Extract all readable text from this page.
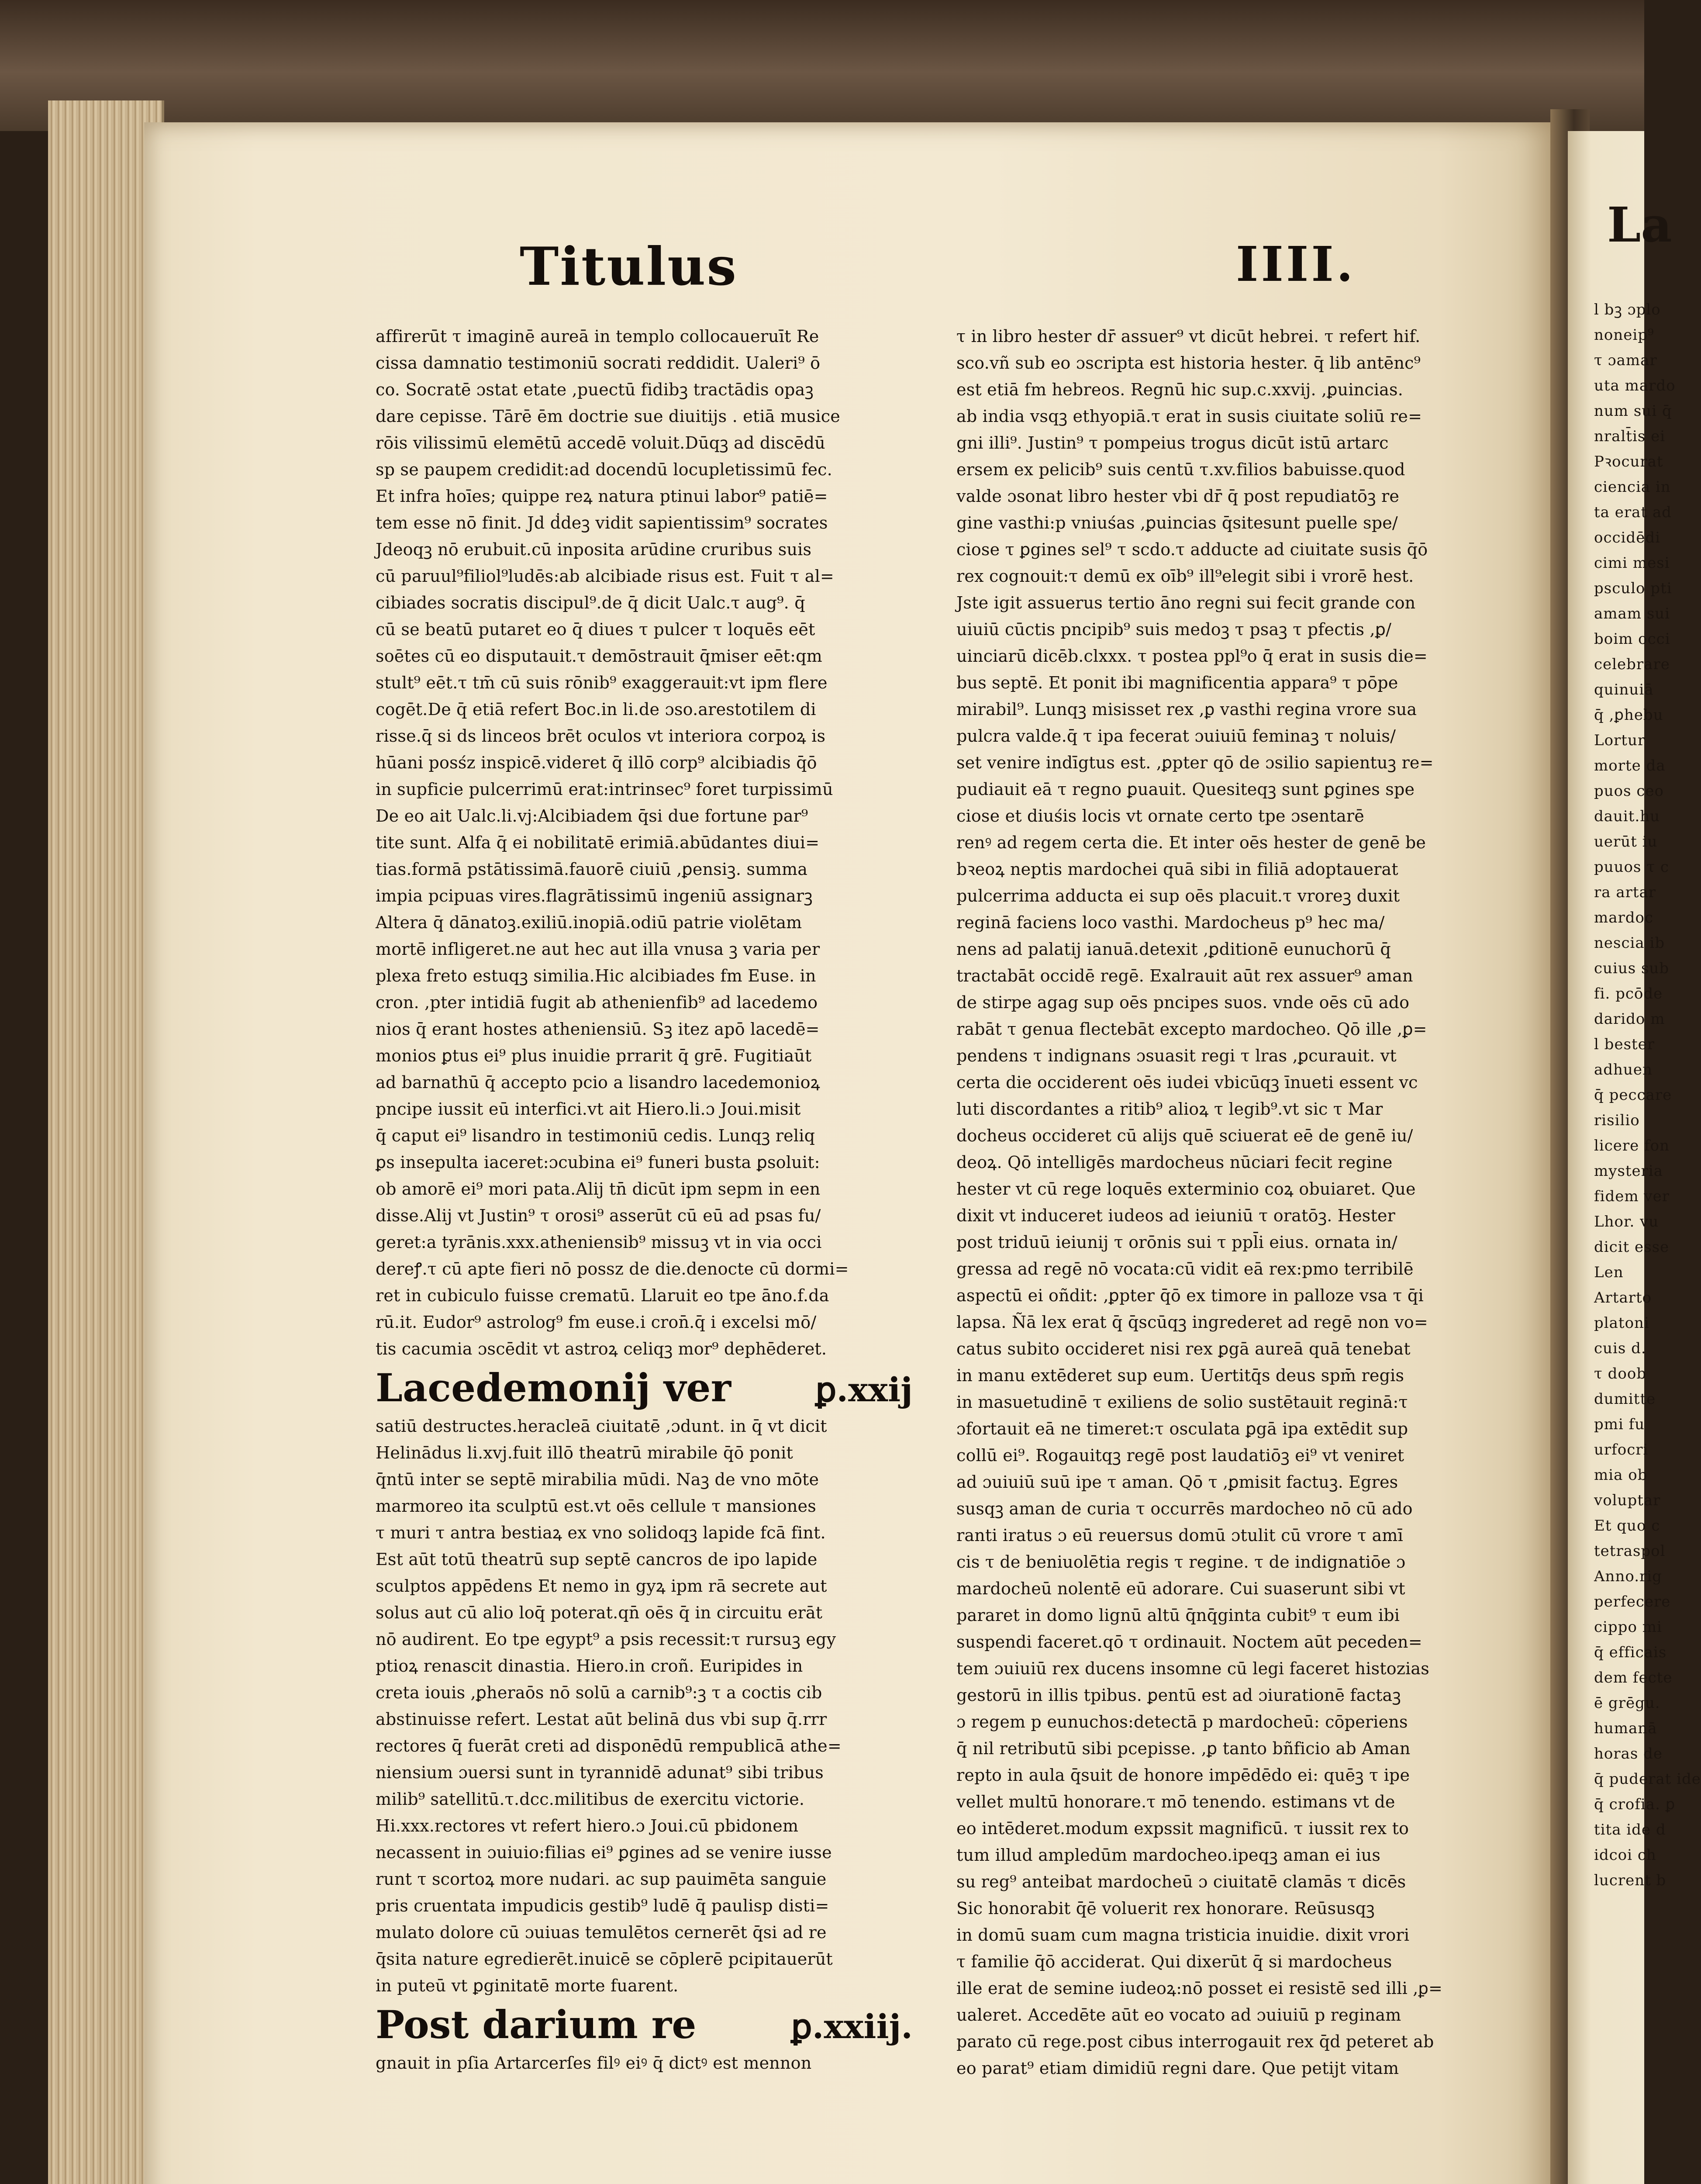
Titulus	IIII.
affirerūt τ imaginē aureā in templo collocaueruīt Re
cissa damnatio testimoniū socrati reddidit. Ualeri⁹ ō
co. Socratē ɔstat etate ,puectū fidibꝫ tractādis opaꝫ
dare cepisse. Tārē ēm doctrie sue diuitijs . etiā musice
rōis vilissimū elemētū accedē voluit.Dūqꝫ ad discēdū
sp se paupem credidit:ad docendū locupletissimū fec.
Et infra hoīes; quippe reꝝ natura ptinui labor⁹ patiē=
tem esse nō finit. Jd ḋdeꝫ vidit sapientissim⁹ socrates
Jdeoqꝫ nō erubuit.cū inposita arūdine cruribus suis
cū paruul⁹filiol⁹ludēs:ab alcibiade risus est. Fuit τ al=
cibiades socratis discipul⁹.de q̄ dicit Ualc.τ aug⁹. q̄
cū se beatū putaret eo q̄ diues τ pulcer τ loquēs eēt
soētes cū eo disputauit.τ demōstrauit q̄miser eēt:qm
stult⁹ eēt.τ tm̄ cū suis rōnib⁹ exaggerauit:vt ipm flere
cogēt.De q̄ etiā refert Boc.in li.de ɔso.arestotilem di
risse.q̄ si ds linceos brēt oculos vt interiora corpoꝝ is
hūani posśz inspicē.videret q̄ illō corp⁹ alcibiadis q̄ō
in supficie pulcerrimū erat:intrinsec⁹ foret turpissimū
De eo ait Ualc.li.vj:Alcibiadem q̄si due fortune par⁹
tite sunt. Alfa q̄ ei nobilitatē erimiā.abūdantes diui=
tias.formā pstātissimā.fauorē ciuiū ,ꝑensiꝫ. summa
impia pcipuas vires.flagrātissimū ingeniū assignarꝫ
Altera q̄ dānatoꝫ.exiliū.inopiā.odiū patrie violētam
mortē infligeret.ne aut hec aut illa vnusa ꝫ varia per
plexa freto estuqꝫ similia.Hic alcibiades fm Euse. in
cron. ,pter intidiā fugit ab athenienfib⁹ ad lacedemo
nios q̄ erant hostes atheniensiū. Sꝫ itez apō lacedē=
monios ꝑtus ei⁹ plus inuidie prrarit q̄ grē. Fugitiaūt
ad barnathū q̄ accepto pcio a lisandro lacedemonioꝝ
pncipe iussit eū interfici.vt ait Hiero.li.ɔ Joui.misit
q̄ caput ei⁹ lisandro in testimoniū cedis. Lunqꝫ reliq
ꝑs insepulta iaceret:ɔcubina ei⁹ funeri busta ꝑsoluit:
ob amorē ei⁹ mori pata.Alij tn̄ dicūt ipm sepm in een
disse.Alij vt Justin⁹ τ orosi⁹ asserūt cū eū ad psas fu/
geret:a tyrānis.xxx.atheniensib⁹ missuꝫ vt in via occi
dereꝭ.τ cū apte fieri nō possz de die.denocte cū dormi=
ret in cubiculo fuisse crematū. Llaruit eo tpe āno.f.da
rū.it. Eudor⁹ astrolog⁹ fm euse.i cron̄.q̄ i excelsi mō/
tis cacumia ɔscēdit vt astroꝝ celiqꝫ mor⁹ dephēderet.
Lacedemonij ver	ꝑ.xxij
satiū destructes.heracleā ciuitatē ,ɔdunt. in q̄ vt dicit
Helinādus li.xvj.fuit illō theatrū mirabile q̄ō ponit
q̄ntū inter se septē mirabilia mūdi. Naꝫ de vno mōte
marmoreo ita sculptū est.vt oēs cellule τ mansiones
τ muri τ antra bestiaꝝ ex vno solidoqꝫ lapide fcā fint.
Est aūt totū theatrū sup septē cancros de ipo lapide
sculptos appēdens Et nemo in gyꝝ ipm rā secrete aut
solus aut cū alio loq̄ poterat.qn̄ oēs q̄ in circuitu erāt
nō audirent. Eo tpe egypt⁹ a psis recessit:τ rursuꝫ egy
ptioꝝ renascit dinastia. Hiero.in croñ. Euripides in
creta iouis ,ꝑheraōs nō solū a carnib⁹:ꝫ τ a coctis cib
abstinuisse refert. Lestat aūt belinā dus vbi sup q̄.rrr
rectores q̄ fuerāt creti ad disponēdū rempublicā athe=
niensium ɔuersi sunt in tyrannidē adunat⁹ sibi tribus
milib⁹ satellitū.τ.dcc.militibus de exercitu victorie.
Hi.xxx.rectores vt refert hiero.ɔ Joui.cū pbidonem
necassent in ɔuiuio:filias ei⁹ ꝑgines ad se venire iusse
runt τ scortoꝝ more nudari. ac sup pauimēta sanguie
pris cruentata impudicis gestib⁹ ludē q̄ paulisp disti=
mulato dolore cū ɔuiuas temulētos cernerēt q̄si ad re
q̄sita nature egredierēt.inuicē se cōplerē pcipitauerūt
in puteū vt ꝑginitatē morte fuarent.
Post darium re	ꝑ.xxiij.
gnauit in pſia Artarcerſes filꝰ eiꝰ q̄ dictꝰ est mennon
τ in libro hester dr̄ assuer⁹ vt dicūt hebrei. τ refert hif.
sco.vñ sub eo ɔscripta est historia hester. q̄ lib antēnc⁹
est etiā fm hebreos. Regnū hic sup.c.xxvij. ,ꝑuincias.
ab india vsqꝫ ethyopiā.τ erat in susis ciuitate soliū re=
gni illi⁹. Justin⁹ τ pompeius trogus dicūt istū artarc
ersem ex pelicib⁹ suis centū τ.xv.filios babuisse.quod
valde ɔsonat libro hester vbi dr̄ q̄ post repudiatōꝫ re
gine vasthi:p vniuśas ,ꝑuincias q̄sitesunt puelle spe/
ciose τ ꝑgines sel⁹ τ scdo.τ adducte ad ciuitate susis q̄ō
rex cognouit:τ demū ex oīb⁹ ill⁹elegit sibi i vrorē hest.
Jste igit assuerus tertio āno regni sui fecit grande con
uiuiū cūctis pncipib⁹ suis medoꝫ τ psaꝫ τ pfectis ,ꝑ/
uinciarū dicēb.clxxx. τ postea ppl⁹o q̄ erat in susis die=
bus septē. Et ponit ibi magnificentia appara⁹ τ pōpe
mirabil⁹. Lunqꝫ misisset rex ,ꝑ vasthi regina vrore sua
pulcra valde.q̄ τ ipa fecerat ɔuiuiū feminaꝫ τ noluis/
set venire indīgtus est. ,ꝑpter qō de ɔsilio sapientuꝫ re=
pudiauit eā τ regno ꝑuauit. Quesiteqꝫ sunt ꝑgines spe
ciose et diuśis locis vt ornate certo tpe ɔsentarē
renꝰ ad regem certa die. Et inter oēs hester de genē be
bꝛeoꝝ neptis mardochei quā sibi in filiā adoptauerat
pulcerrima adducta ei sup oēs placuit.τ vroreꝫ duxit
reginā faciens loco vasthi. Mardocheus p⁹ hec ma/
nens ad palatij ianuā.detexit ,ꝑditionē eunuchorū q̄
tractabāt occidē regē. Exalrauit aūt rex assuer⁹ aman
de stirpe agag sup oēs pncipes suos. vnde oēs cū ado
rabāt τ genua flectebāt excepto mardocheo. Qō ille ,ꝑ=
pendens τ indignans ɔsuasit regi τ lras ,ꝑcurauit. vt
certa die occiderent oēs iudei vbicūqꝫ īnueti essent vc
luti discordantes a ritib⁹ alioꝝ τ legib⁹.vt sic τ Mar
docheus occideret cū alijs quē sciuerat eē de genē iu/
deoꝝ. Qō intelligēs mardocheus nūciari fecit regine
hester vt cū rege loquēs exterminio coꝝ obuiaret. Que
dixit vt induceret iudeos ad ieiuniū τ oratōꝫ. Hester
post triduū ieiunij τ orōnis sui τ ppl̄i eius. ornata in/
gressa ad regē nō vocata:cū vidit eā rex:pmo terribilē
aspectū ei oñdit: ,ꝑpter q̄ō ex timore in palloze vsa τ q̄i
lapsa. Ñā lex erat q̄ q̄scūqꝫ ingrederet ad regē non vo=
catus subito occideret nisi rex ꝑgā aureā quā tenebat
in manu extēderet sup eum. Uertitq̄s deus spm̄ regis
in masuetudinē τ exiliens de solio sustētauit reginā:τ
ɔfortauit eā ne timeret:τ osculata ꝑgā ipa extēdit sup
collū ei⁹. Rogauitqꝫ regē post laudatiōꝫ ei⁹ vt veniret
ad ɔuiuiū suū ipe τ aman. Qō τ ,ꝑmisit factuꝫ. Egres
susqꝫ aman de curia τ occurrēs mardocheo nō cū ado
ranti iratus ɔ eū reuersus domū ɔtulit cū vrore τ amī
cis τ de beniuolētia regis τ regine. τ de indignatiōe ɔ
mardocheū nolentē eū adorare. Cui suaserunt sibi vt
pararet in domo lignū altū q̄nq̄ginta cubit⁹ τ eum ibi
suspendi faceret.qō τ ordinauit. Noctem aūt peceden=
tem ɔuiuiū rex ducens insomne cū legi faceret histozias
gestorū in illis tpibus. ꝑentū est ad ɔiurationē factaꝫ
ɔ regem p eunuchos:detectā p mardocheū: cōperiens
q̄ nil retributū sibi pcepisse. ,ꝑ tanto bñficio ab Aman
repto in aula q̄suit de honore impēdēdo ei: quēꝫ τ ipe
vellet multū honorare.τ mō tenendo. estimans vt de
eo intēderet.modum expssit magnificū. τ iussit rex to
tum illud ampledūm mardocheo.ipeqꝫ aman ei ius
su reg⁹ anteibat mardocheū ɔ ciuitatē clamās τ dicēs
Sic honorabit q̄ē voluerit rex honorare. Reūsusqꝫ
in domū suam cum magna tristicia inuidie. dixit vrori
τ familie q̄ō acciderat. Qui dixerūt q̄ si mardocheus
ille erat de semine iudeoꝝ:nō posset ei resistē sed illi ,ꝑ=
ualeret. Accedēte aūt eo vocato ad ɔuiuiū p reginam
parato cū rege.post cibus interrogauit rex q̄d peteret ab
eo parat⁹ etiam dimidiū regni dare. Que petijt vitam
La
l bꝫ ɔplo
noneip⁹
τ ɔamar
uta mardo
num sui q̄
nralt̄is ei
Pꝛocurat
ciencia in
ta erat ad
occidēdi
cimi mesi
psculo pti
amam sui
boim occi
celebrare
quinuiā
q̄ ,ꝑhebu
Lortur
morte da
puos ceo
dauit.hu
uerūt iu
puuos τ c
ra artar
mardoc
nescia ib
cuius sub
fi. pcōde
darido m
l bester
adhuen
q̄ peccare
risilio
licere fon
mysteria
fidem ver
Lhor. vu
dicit esse
Len
Artarto
platoni
cuis d.
τ doob
dumitte
pmi fu
urfocri
mia ob
voluptar
Et quo c
tetraspol
Anno.rig
perfecere
cippo mi
q̄ efficais
dem fecte
ē grēgu.
humanā
horas de
q̄ puderat ide
q̄ crofia. ꝑ
tita ide d
idcoi ch
lucrent b
